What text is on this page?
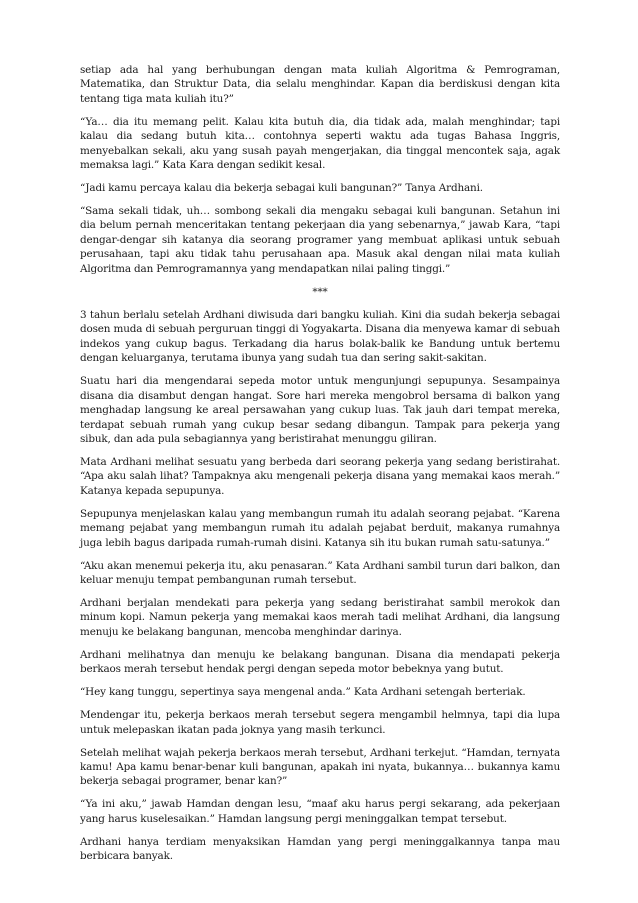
setiap ada hal yang berhubungan dengan mata kuliah Algoritma & Pemrograman, Matematika, dan Struktur Data, dia selalu menghindar. Kapan dia berdiskusi dengan kita tentang tiga mata kuliah itu?”

“Ya… dia itu memang pelit. Kalau kita butuh dia, dia tidak ada, malah menghindar; tapi kalau dia sedang butuh kita… contohnya seperti waktu ada tugas Bahasa Inggris, menyebalkan sekali, aku yang susah payah mengerjakan, dia tinggal mencontek saja, agak memaksa lagi.” Kata Kara dengan sedikit kesal.

“Jadi kamu percaya kalau dia bekerja sebagai kuli bangunan?” Tanya Ardhani.

“Sama sekali tidak, uh… sombong sekali dia mengaku sebagai kuli bangunan. Setahun ini dia belum pernah menceritakan tentang pekerjaan dia yang sebenarnya,” jawab Kara, “tapi dengar-dengar sih katanya dia seorang programer yang membuat aplikasi untuk sebuah perusahaan, tapi aku tidak tahu perusahaan apa. Masuk akal dengan nilai mata kuliah Algoritma dan Pemrogramannya yang mendapatkan nilai paling tinggi.”

***

3 tahun berlalu setelah Ardhani diwisuda dari bangku kuliah. Kini dia sudah bekerja sebagai dosen muda di sebuah perguruan tinggi di Yogyakarta. Disana dia menyewa kamar di sebuah indekos yang cukup bagus. Terkadang dia harus bolak-balik ke Bandung untuk bertemu dengan keluarganya, terutama ibunya yang sudah tua dan sering sakit-sakitan.

Suatu hari dia mengendarai sepeda motor untuk mengunjungi sepupunya. Sesampainya disana dia disambut dengan hangat. Sore hari mereka mengobrol bersama di balkon yang menghadap langsung ke areal persawahan yang cukup luas. Tak jauh dari tempat mereka, terdapat sebuah rumah yang cukup besar sedang dibangun. Tampak para pekerja yang sibuk, dan ada pula sebagiannya yang beristirahat menunggu giliran.

Mata Ardhani melihat sesuatu yang berbeda dari seorang pekerja yang sedang beristirahat. “Apa aku salah lihat? Tampaknya aku mengenali pekerja disana yang memakai kaos merah.” Katanya kepada sepupunya.

Sepupunya menjelaskan kalau yang membangun rumah itu adalah seorang pejabat. “Karena memang pejabat yang membangun rumah itu adalah pejabat berduit, makanya rumahnya juga lebih bagus daripada rumah-rumah disini. Katanya sih itu bukan rumah satu-satunya.”

“Aku akan menemui pekerja itu, aku penasaran.” Kata Ardhani sambil turun dari balkon, dan keluar menuju tempat pembangunan rumah tersebut.

Ardhani berjalan mendekati para pekerja yang sedang beristirahat sambil merokok dan minum kopi. Namun pekerja yang memakai kaos merah tadi melihat Ardhani, dia langsung menuju ke belakang bangunan, mencoba menghindar darinya.

Ardhani melihatnya dan menuju ke belakang bangunan. Disana dia mendapati pekerja berkaos merah tersebut hendak pergi dengan sepeda motor bebeknya yang butut.

“Hey kang tunggu, sepertinya saya mengenal anda.” Kata Ardhani setengah berteriak.

Mendengar itu, pekerja berkaos merah tersebut segera mengambil helmnya, tapi dia lupa untuk melepaskan ikatan pada joknya yang masih terkunci.

Setelah melihat wajah pekerja berkaos merah tersebut, Ardhani terkejut. “Hamdan, ternyata kamu! Apa kamu benar-benar kuli bangunan, apakah ini nyata, bukannya… bukannya kamu bekerja sebagai programer, benar kan?”

“Ya ini aku,” jawab Hamdan dengan lesu, “maaf aku harus pergi sekarang, ada pekerjaan yang harus kuselesaikan.” Hamdan langsung pergi meninggalkan tempat tersebut.

Ardhani hanya terdiam menyaksikan Hamdan yang pergi meninggalkannya tanpa mau berbicara banyak.
